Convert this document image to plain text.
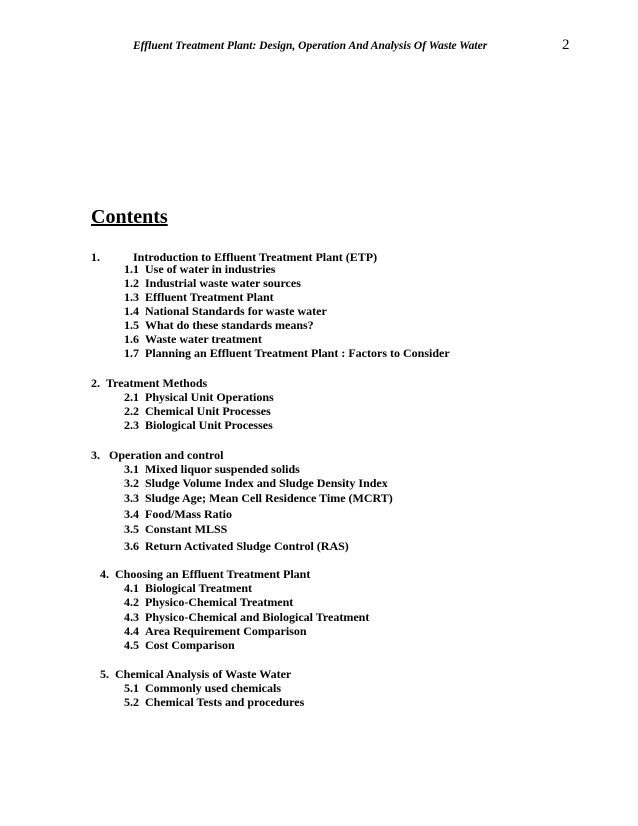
Effluent Treatment Plant: Design, Operation And Analysis Of Waste Water	2
Contents
1.	Introduction to Effluent Treatment Plant (ETP)
1.1 Use of water in industries
1.2 Industrial waste water sources
1.3 Effluent Treatment Plant
1.4 National Standards for waste water
1.5 What do these standards means?
1.6 Waste water treatment
1.7 Planning an Effluent Treatment Plant : Factors to Consider
2. Treatment Methods
2.1 Physical Unit Operations
2.2 Chemical Unit Processes
2.3 Biological Unit Processes
3. Operation and control
3.1 Mixed liquor suspended solids
3.2 Sludge Volume Index and Sludge Density Index
3.3 Sludge Age; Mean Cell Residence Time (MCRT)
3.4 Food/Mass Ratio
3.5 Constant MLSS
3.6 Return Activated Sludge Control (RAS)
4. Choosing an Effluent Treatment Plant
4.1 Biological Treatment
4.2 Physico-Chemical Treatment
4.3 Physico-Chemical and Biological Treatment
4.4 Area Requirement Comparison
4.5 Cost Comparison
5. Chemical Analysis of Waste Water
5.1 Commonly used chemicals
5.2 Chemical Tests and procedures
